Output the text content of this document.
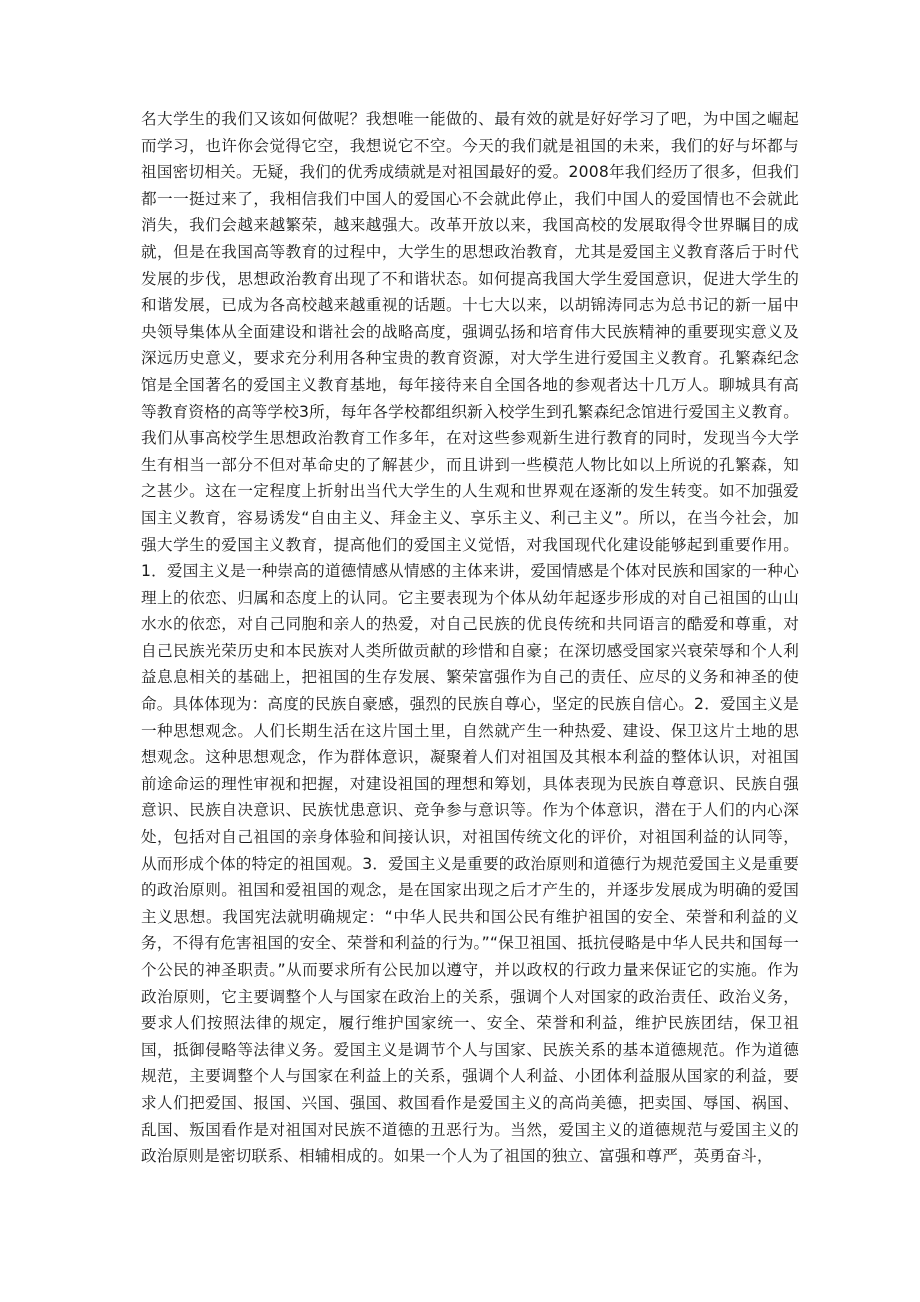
名大学生的我们又该如何做呢？我想唯一能做的、最有效的就是好好学习了吧，为中国之崛起而学习，也许你会觉得它空，我想说它不空。今天的我们就是祖国的未来，我们的好与坏都与祖国密切相关。无疑，我们的优秀成绩就是对祖国最好的爱。2008年我们经历了很多，但我们都一一挺过来了，我相信我们中国人的爱国心不会就此停止，我们中国人的爱国情也不会就此消失，我们会越来越繁荣，越来越强大。改革开放以来，我国高校的发展取得令世界瞩目的成就，但是在我国高等教育的过程中，大学生的思想政治教育，尤其是爱国主义教育落后于时代发展的步伐，思想政治教育出现了不和谐状态。如何提高我国大学生爱国意识，促进大学生的和谐发展，已成为各高校越来越重视的话题。十七大以来，以胡锦涛同志为总书记的新一届中央领导集体从全面建设和谐社会的战略高度，强调弘扬和培育伟大民族精神的重要现实意义及深远历史意义，要求充分利用各种宝贵的教育资源，对大学生进行爱国主义教育。孔繁森纪念馆是全国著名的爱国主义教育基地，每年接待来自全国各地的参观者达十几万人。聊城具有高等教育资格的高等学校3所，每年各学校都组织新入校学生到孔繁森纪念馆进行爱国主义教育。我们从事高校学生思想政治教育工作多年，在对这些参观新生进行教育的同时，发现当今大学生有相当一部分不但对革命史的了解甚少，而且讲到一些模范人物比如以上所说的孔繁森，知之甚少。这在一定程度上折射出当代大学生的人生观和世界观在逐渐的发生转变。如不加强爱国主义教育，容易诱发“自由主义、拜金主义、享乐主义、利己主义”。所以，在当今社会，加强大学生的爱国主义教育，提高他们的爱国主义觉悟，对我国现代化建设能够起到重要作用。1．爱国主义是一种崇高的道德情感从情感的主体来讲，爱国情感是个体对民族和国家的一种心理上的依恋、归属和态度上的认同。它主要表现为个体从幼年起逐步形成的对自己祖国的山山水水的依恋，对自己同胞和亲人的热爱，对自己民族的优良传统和共同语言的酷爱和尊重，对自己民族光荣历史和本民族对人类所做贡献的珍惜和自豪；在深切感受国家兴衰荣辱和个人利益息息相关的基础上，把祖国的生存发展、繁荣富强作为自己的责任、应尽的义务和神圣的使命。具体体现为：高度的民族自豪感，强烈的民族自尊心，坚定的民族自信心。2．爱国主义是一种思想观念。人们长期生活在这片国土里，自然就产生一种热爱、建设、保卫这片土地的思想观念。这种思想观念，作为群体意识，凝聚着人们对祖国及其根本利益的整体认识，对祖国前途命运的理性审视和把握，对建设祖国的理想和筹划，具体表现为民族自尊意识、民族自强意识、民族自决意识、民族忧患意识、竞争参与意识等。作为个体意识，潜在于人们的内心深处，包括对自己祖国的亲身体验和间接认识，对祖国传统文化的评价，对祖国利益的认同等，从而形成个体的特定的祖国观。3．爱国主义是重要的政治原则和道德行为规范爱国主义是重要的政治原则。祖国和爱祖国的观念，是在国家出现之后才产生的，并逐步发展成为明确的爱国主义思想。我国宪法就明确规定：“中华人民共和国公民有维护祖国的安全、荣誉和利益的义务，不得有危害祖国的安全、荣誉和利益的行为。”“保卫祖国、抵抗侵略是中华人民共和国每一个公民的神圣职责。”从而要求所有公民加以遵守，并以政权的行政力量来保证它的实施。作为政治原则，它主要调整个人与国家在政治上的关系，强调个人对国家的政治责任、政治义务，要求人们按照法律的规定，履行维护国家统一、安全、荣誉和利益，维护民族团结，保卫祖国，抵御侵略等法律义务。爱国主义是调节个人与国家、民族关系的基本道德规范。作为道德规范，主要调整个人与国家在利益上的关系，强调个人利益、小团体利益服从国家的利益，要求人们把爱国、报国、兴国、强国、救国看作是爱国主义的高尚美德，把卖国、辱国、祸国、乱国、叛国看作是对祖国对民族不道德的丑恶行为。当然，爱国主义的道德规范与爱国主义的政治原则是密切联系、相辅相成的。如果一个人为了祖国的独立、富强和尊严，英勇奋斗，
